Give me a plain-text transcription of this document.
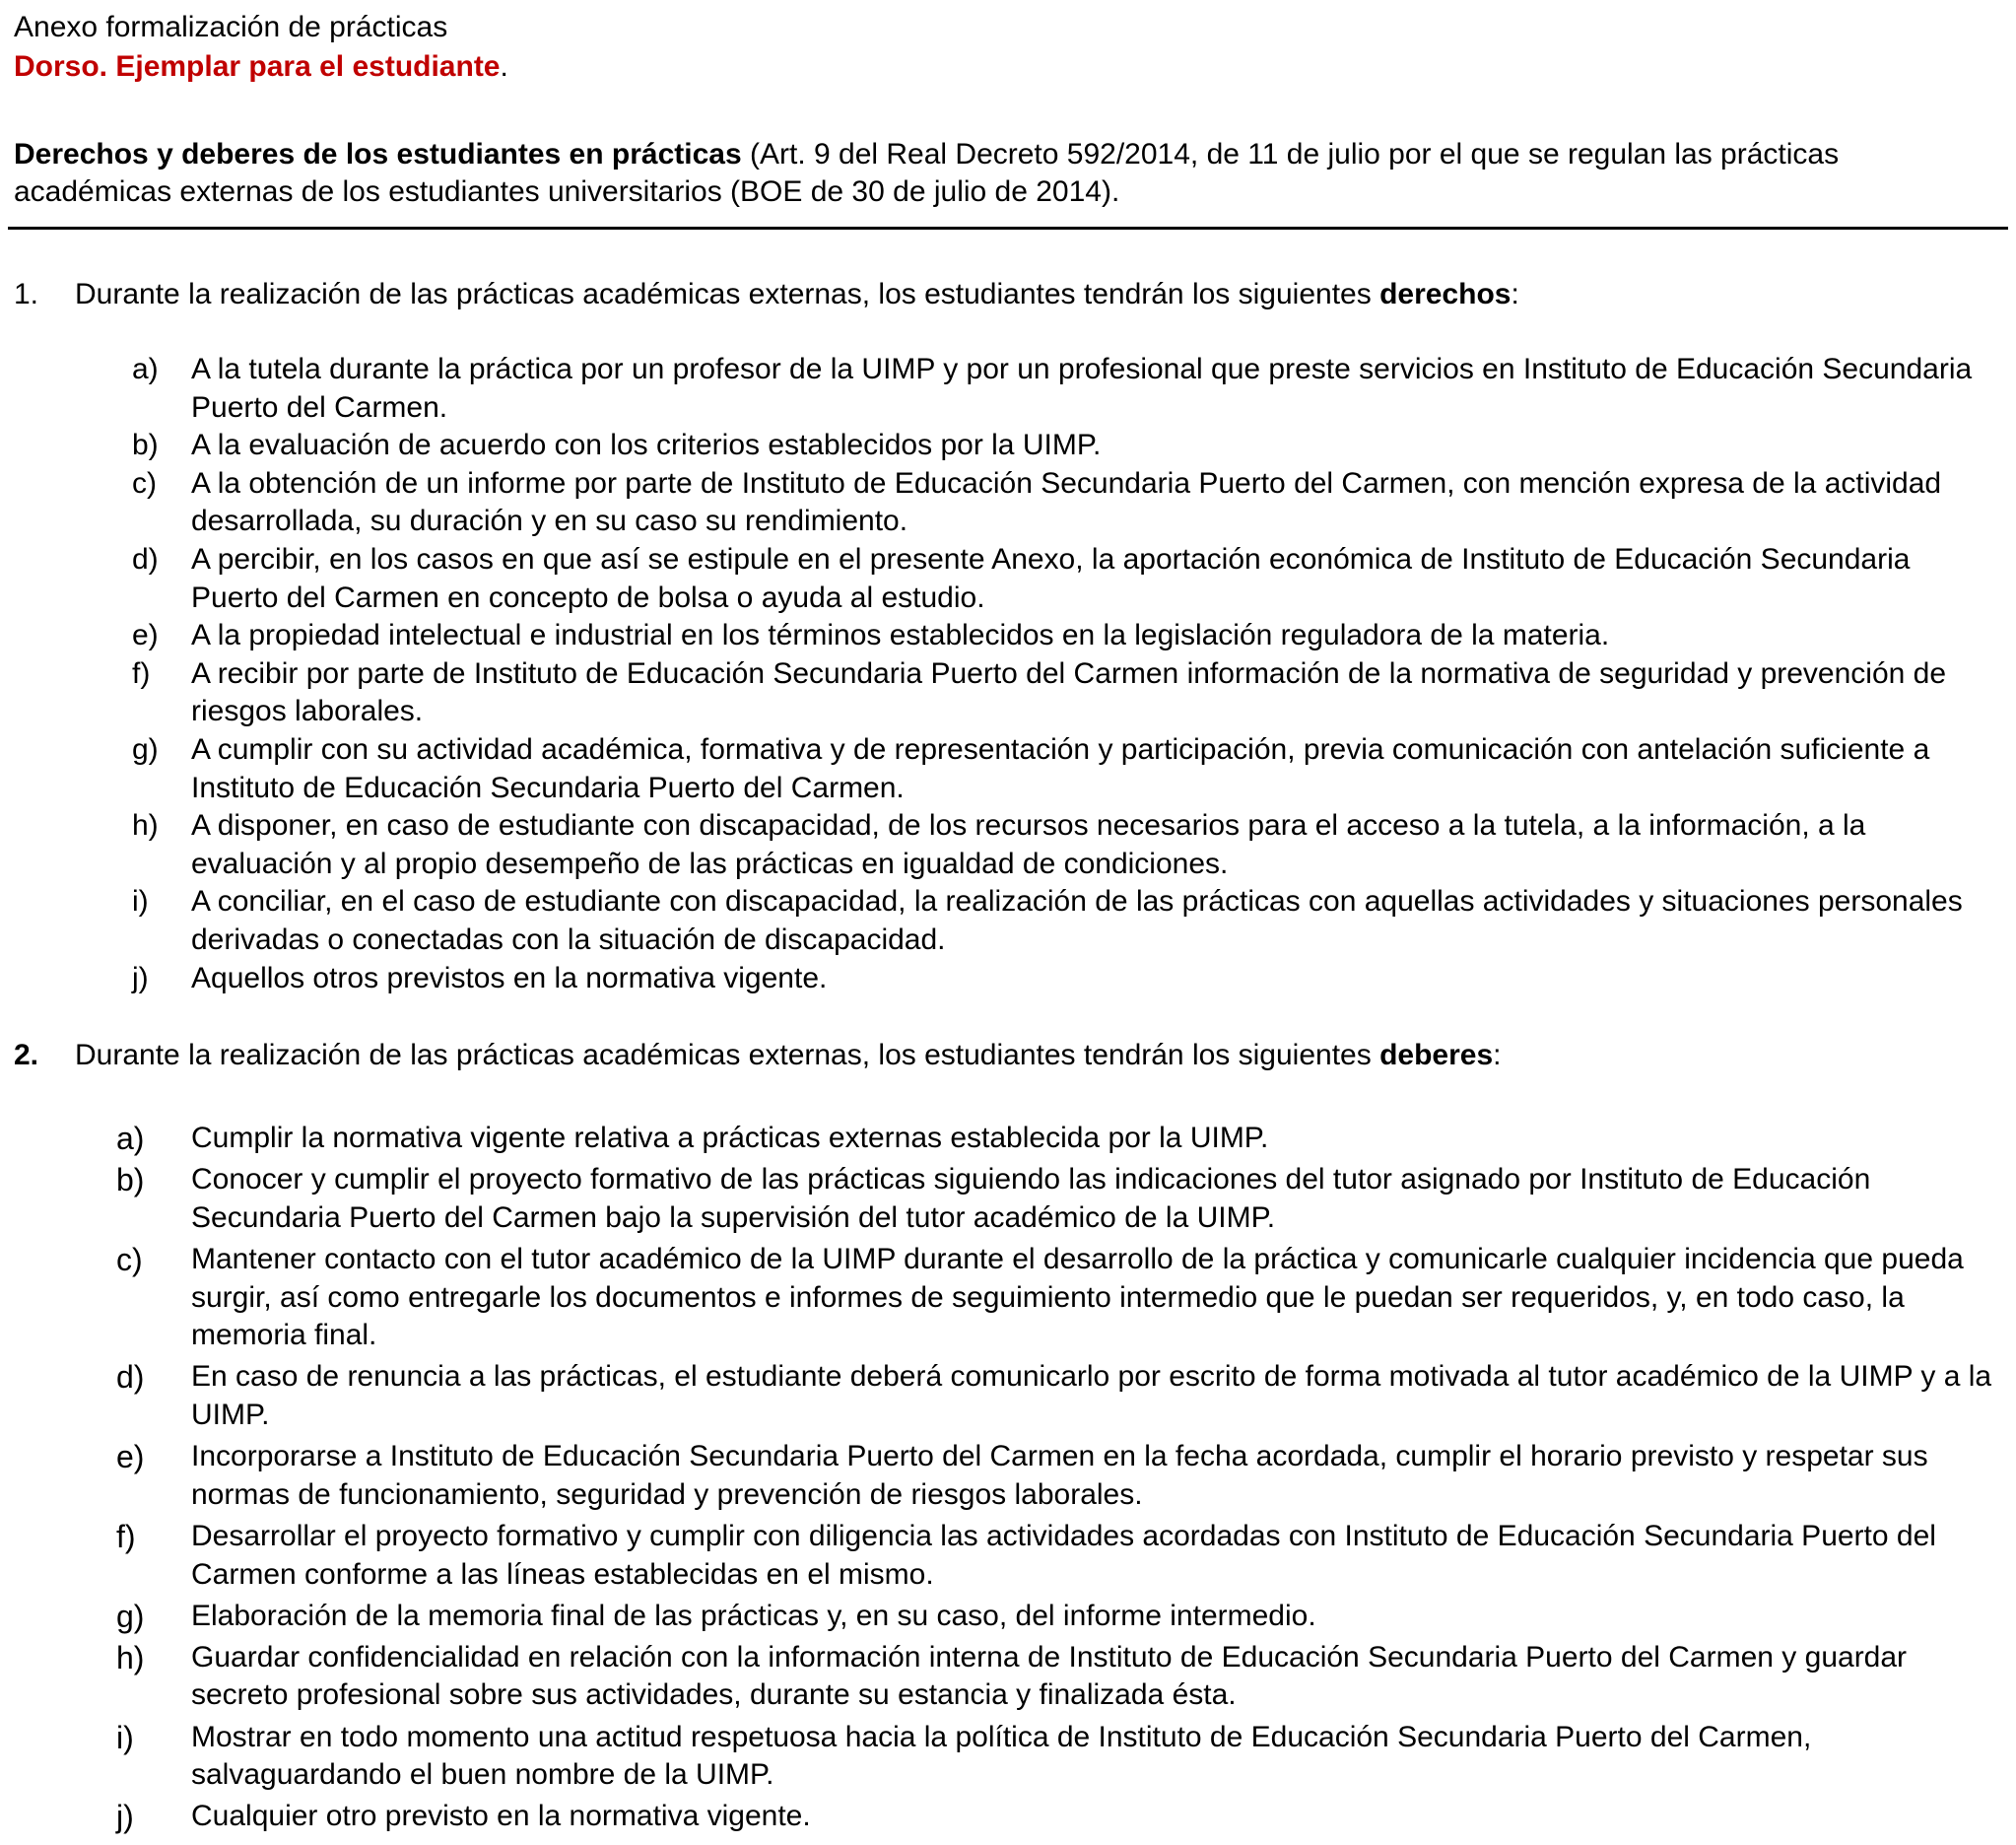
Anexo formalización de prácticas
Dorso. Ejemplar para el estudiante.
Derechos y deberes de los estudiantes en prácticas (Art. 9 del Real Decreto 592/2014, de 11 de julio por el que se regulan las prácticas académicas externas de los estudiantes universitarios (BOE de 30 de julio de 2014).
1. Durante la realización de las prácticas académicas externas, los estudiantes tendrán los siguientes derechos:
a) A la tutela durante la práctica por un profesor de la UIMP y por un profesional que preste servicios en Instituto de Educación Secundaria Puerto del Carmen.
b) A la evaluación de acuerdo con los criterios establecidos por la UIMP.
c) A la obtención de un informe por parte de Instituto de Educación Secundaria Puerto del Carmen, con mención expresa de la actividad desarrollada, su duración y en su caso su rendimiento.
d) A percibir, en los casos en que así se estipule en el presente Anexo, la aportación económica de Instituto de Educación Secundaria Puerto del Carmen en concepto de bolsa o ayuda al estudio.
e) A la propiedad intelectual e industrial en los términos establecidos en la legislación reguladora de la materia.
f) A recibir por parte de Instituto de Educación Secundaria Puerto del Carmen información de la normativa de seguridad y prevención de riesgos laborales.
g) A cumplir con su actividad académica, formativa y de representación y participación, previa comunicación con antelación suficiente a Instituto de Educación Secundaria Puerto del Carmen.
h) A disponer, en caso de estudiante con discapacidad, de los recursos necesarios para el acceso a la tutela, a la información, a la evaluación y al propio desempeño de las prácticas en igualdad de condiciones.
i) A conciliar, en el caso de estudiante con discapacidad, la realización de las prácticas con aquellas actividades y situaciones personales derivadas o conectadas con la situación de discapacidad.
j) Aquellos otros previstos en la normativa vigente.
2. Durante la realización de las prácticas académicas externas, los estudiantes tendrán los siguientes deberes:
a) Cumplir la normativa vigente relativa a prácticas externas establecida por la UIMP.
b) Conocer y cumplir el proyecto formativo de las prácticas siguiendo las indicaciones del tutor asignado por Instituto de Educación Secundaria Puerto del Carmen bajo la supervisión del tutor académico de la UIMP.
c) Mantener contacto con el tutor académico de la UIMP durante el desarrollo de la práctica y comunicarle cualquier incidencia que pueda surgir, así como entregarle los documentos e informes de seguimiento intermedio que le puedan ser requeridos, y, en todo caso, la memoria final.
d) En caso de renuncia a las prácticas, el estudiante deberá comunicarlo por escrito de forma motivada al tutor académico de la UIMP y a la UIMP.
e) Incorporarse a Instituto de Educación Secundaria Puerto del Carmen en la fecha acordada, cumplir el horario previsto y respetar sus normas de funcionamiento, seguridad y prevención de riesgos laborales.
f) Desarrollar el proyecto formativo y cumplir con diligencia las actividades acordadas con Instituto de Educación Secundaria Puerto del Carmen conforme a las líneas establecidas en el mismo.
g) Elaboración de la memoria final de las prácticas y, en su caso, del informe intermedio.
h) Guardar confidencialidad en relación con la información interna de Instituto de Educación Secundaria Puerto del Carmen y guardar secreto profesional sobre sus actividades, durante su estancia y finalizada ésta.
i) Mostrar en todo momento una actitud respetuosa hacia la política de Instituto de Educación Secundaria Puerto del Carmen, salvaguardando el buen nombre de la UIMP.
j) Cualquier otro previsto en la normativa vigente.
